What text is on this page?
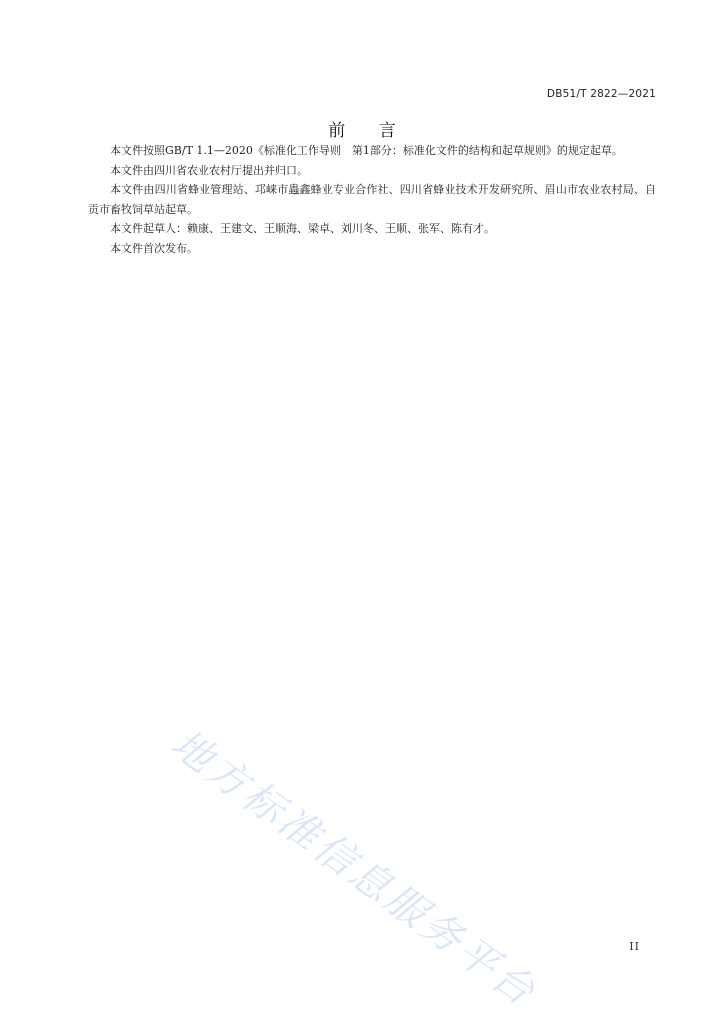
DB51/T 2822—2021
前 言

本文件按照GB/T 1.1—2020《标准化工作导则　第1部分：标准化文件的结构和起草规则》的规定起草。

本文件由四川省农业农村厅提出并归口。

本文件由四川省蜂业管理站、邛崃市蟲鑫蜂业专业合作社、四川省蜂业技术开发研究所、眉山市农业农村局、自贡市畜牧饲草站起草。

本文件起草人：赖康、王建文、王顺海、梁卓、刘川冬、王顺、张军、陈有才。

本文件首次发布。

地方标准信息服务平台	II
